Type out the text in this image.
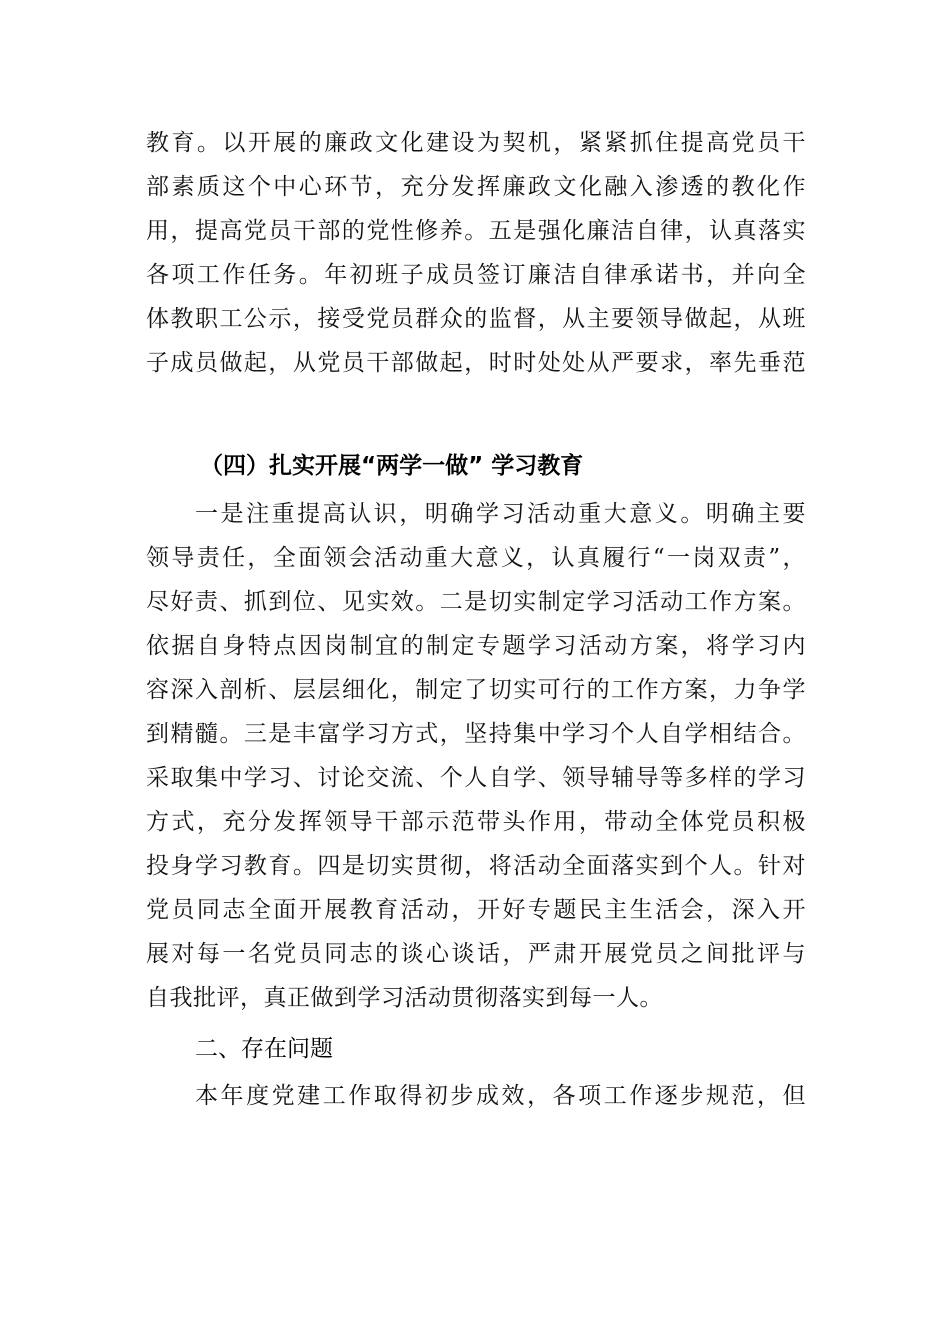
教育。以开展的廉政文化建设为契机，紧紧抓住提高党员干
部素质这个中心环节，充分发挥廉政文化融入渗透的教化作
用，提高党员干部的党性修养。五是强化廉洁自律，认真落实
各项工作任务。年初班子成员签订廉洁自律承诺书，并向全
体教职工公示，接受党员群众的监督，从主要领导做起，从班
子成员做起，从党员干部做起，时时处处从严要求，率先垂范
（四）扎实开展“两学一做” 学习教育
一是注重提高认识，明确学习活动重大意义。明确主要
领导责任，全面领会活动重大意义，认真履行“一岗双责”，
尽好责、抓到位、见实效。二是切实制定学习活动工作方案。
依据自身特点因岗制宜的制定专题学习活动方案，将学习内
容深入剖析、层层细化，制定了切实可行的工作方案，力争学
到精髓。三是丰富学习方式，坚持集中学习个人自学相结合。
采取集中学习、讨论交流、个人自学、领导辅导等多样的学习
方式，充分发挥领导干部示范带头作用，带动全体党员积极
投身学习教育。四是切实贯彻，将活动全面落实到个人。针对
党员同志全面开展教育活动，开好专题民主生活会，深入开
展对每一名党员同志的谈心谈话，严肃开展党员之间批评与
自我批评，真正做到学习活动贯彻落实到每一人。
二、存在问题
本年度党建工作取得初步成效，各项工作逐步规范，但
